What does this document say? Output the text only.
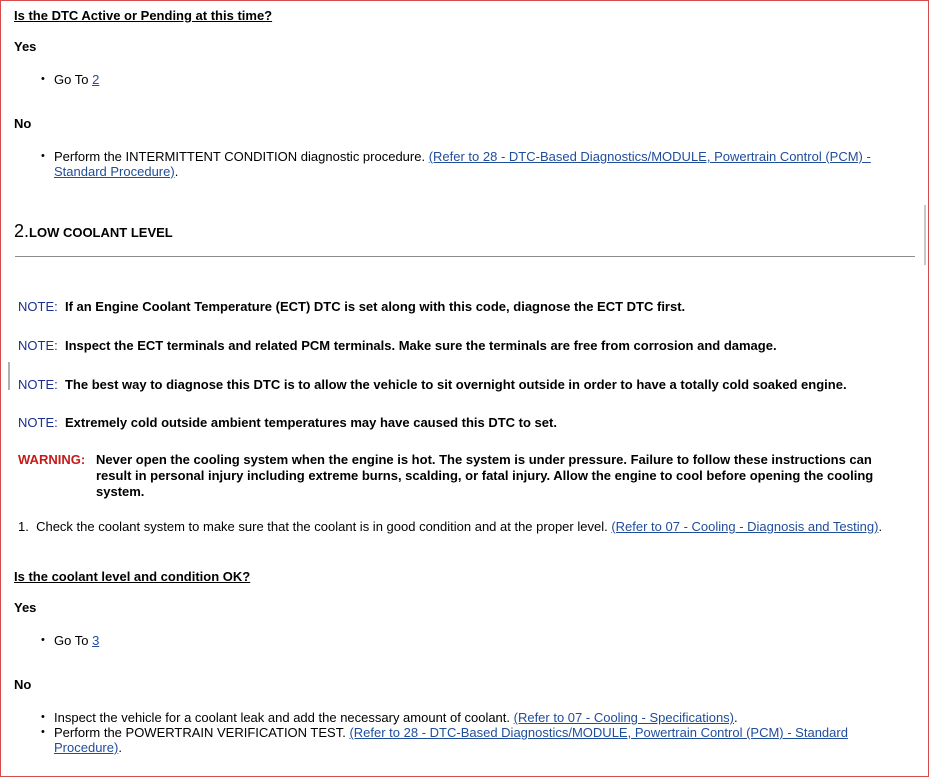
Is the DTC Active or Pending at this time?
Yes
• Go To 2
No
• Perform the INTERMITTENT CONDITION diagnostic procedure. (Refer to 28 - DTC-Based Diagnostics/MODULE, Powertrain Control (PCM) - Standard Procedure).
2.LOW COOLANT LEVEL
NOTE: If an Engine Coolant Temperature (ECT) DTC is set along with this code, diagnose the ECT DTC first.
NOTE: Inspect the ECT terminals and related PCM terminals. Make sure the terminals are free from corrosion and damage.
NOTE: The best way to diagnose this DTC is to allow the vehicle to sit overnight outside in order to have a totally cold soaked engine.
NOTE: Extremely cold outside ambient temperatures may have caused this DTC to set.
WARNING: Never open the cooling system when the engine is hot. The system is under pressure. Failure to follow these instructions can result in personal injury including extreme burns, scalding, or fatal injury. Allow the engine to cool before opening the cooling system.
1. Check the coolant system to make sure that the coolant is in good condition and at the proper level. (Refer to 07 - Cooling - Diagnosis and Testing).
Is the coolant level and condition OK?
Yes
• Go To 3
No
• Inspect the vehicle for a coolant leak and add the necessary amount of coolant. (Refer to 07 - Cooling - Specifications).
• Perform the POWERTRAIN VERIFICATION TEST. (Refer to 28 - DTC-Based Diagnostics/MODULE, Powertrain Control (PCM) - Standard Procedure).
